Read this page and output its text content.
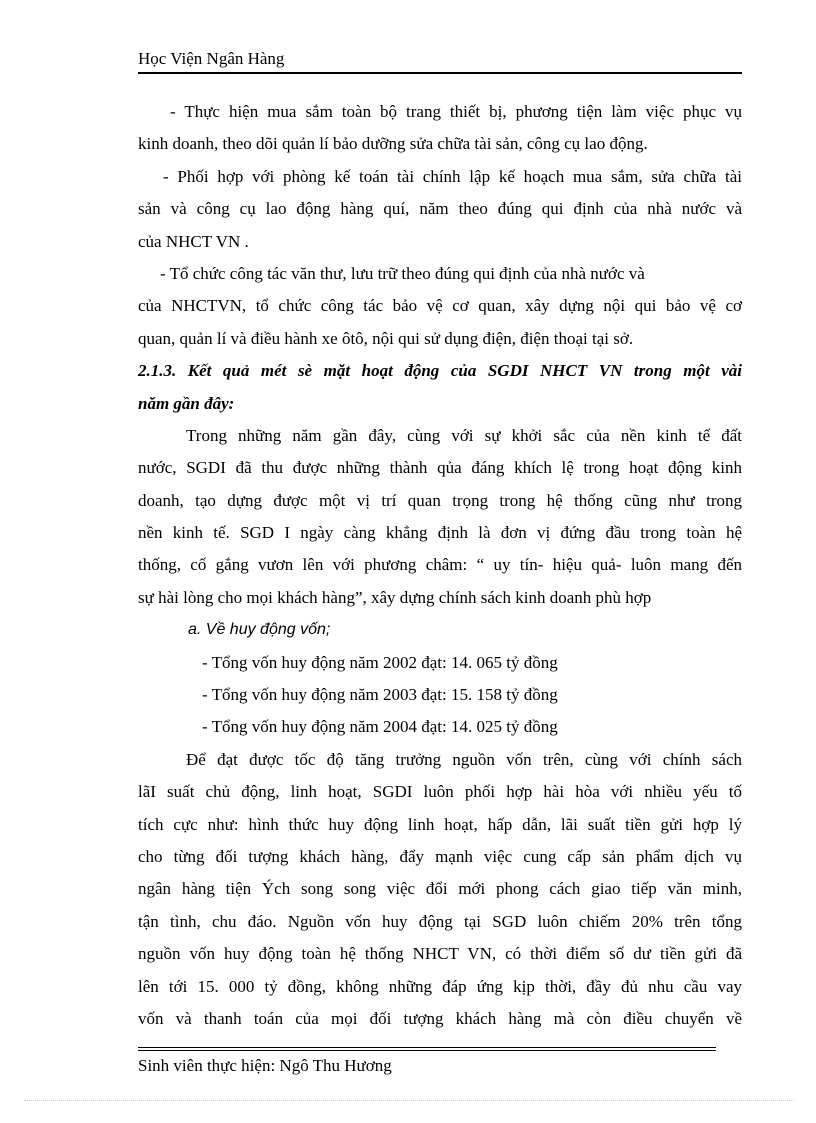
Học Viện Ngân Hàng
- Thực hiện mua sắm toàn bộ trang thiết bị, phương tiện làm việc phục vụ
kinh doanh, theo dõi quản lí bảo dưỡng sửa chữa tài sản, công cụ lao động.
- Phối hợp với phòng kế toán tài chính lập kế hoạch mua sắm, sửa chữa tài
sản và công cụ lao động hàng quí, năm theo đúng qui định của nhà nước và
của NHCT VN .
- Tổ chức công tác văn thư, lưu trữ theo đúng qui định của nhà nước và
của NHCTVN, tổ chức công tác bảo vệ cơ quan, xây dựng nội qui bảo vệ cơ
quan, quản lí và điều hành xe ôtô, nội qui sử dụng điện, điện thoại tại sở.
2.1.3. Kết quả mét sè mặt hoạt động của SGDI NHCT VN trong một vài
năm gần đây:
Trong những năm gần đây, cùng với sự khởi sắc của nền kinh tế đất
nước, SGDI đã thu được những thành qủa đáng khích lệ trong hoạt động kinh
doanh, tạo dựng được một vị trí quan trọng trong hệ thống cũng như trong
nền kinh tế. SGD I ngày càng khẳng định là đơn vị đứng đầu trong toàn hệ
thống, cố gắng vươn lên với phương châm: “ uy tín- hiệu quả- luôn mang đến
sự hài lòng cho mọi khách hàng”, xây dựng chính sách kinh doanh phù hợp
a. Về huy động vốn;
- Tổng vốn huy động năm 2002 đạt: 14. 065 tỷ đồng
- Tổng vốn huy động năm 2003 đạt: 15. 158 tỷ đồng
- Tổng vốn huy động năm 2004 đạt: 14. 025 tỷ đồng
Để đạt được tốc độ tăng trưởng nguồn vốn trên, cùng với chính sách
lãI suất chủ động, linh hoạt, SGDI luôn phối hợp hài hòa với nhiều yếu tố
tích cực như: hình thức huy động linh hoạt, hấp dẫn, lãi suất tiền gửi hợp lý
cho từng đối tượng khách hàng, đẩy mạnh việc cung cấp sản phẩm dịch vụ
ngân hàng tiện Ých song song việc đổi mới phong cách giao tiếp văn minh,
tận tình, chu đáo. Nguồn vốn huy động tại SGD luôn chiếm 20% trên tổng
nguồn vốn huy động toàn hệ thống NHCT VN, có thời điểm số dư tiền gửi đã
lên tới 15. 000 tỷ đồng, không những đáp ứng kịp thời, đầy đủ nhu cầu vay
vốn và thanh toán của mọi đối tượng khách hàng mà còn điều chuyển về
Sinh viên thực hiện: Ngô Thu Hương
